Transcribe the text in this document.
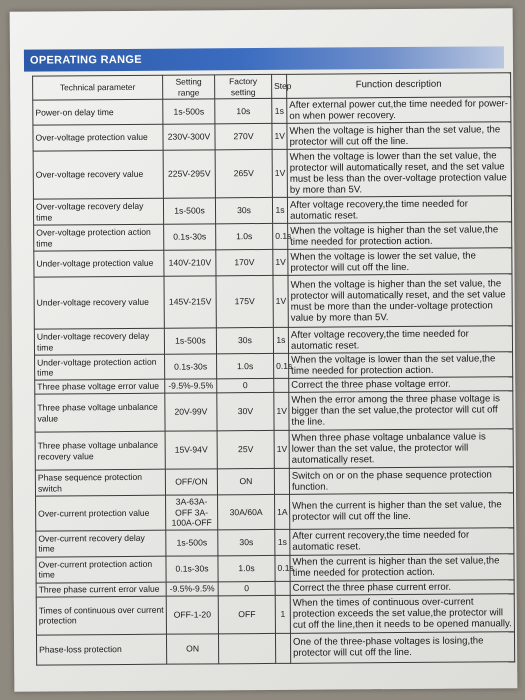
OPERATING RANGE
Technical parameter	Setting range	Factory setting	Step	Function description
Power-on delay time	1s-500s	10s	1s	After external power cut,the time needed for power-on when power recovery.
Over-voltage protection value	230V-300V	270V	1V	When the voltage is higher than the set value, the protector will cut off the line.
Over-voltage recovery value	225V-295V	265V	1V	When the voltage is lower than the set value, the protector will automatically reset, and the set value must be less than the over-voltage protection value by more than 5V.
Over-voltage recovery delay time	1s-500s	30s	1s	After voltage recovery,the time needed for automatic reset.
Over-voltage protection action time	0.1s-30s	1.0s	0.1s	When the voltage is higher than the set value,the time needed for protection action.
Under-voltage protection value	140V-210V	170V	1V	When the voltage is lower the set value, the protector will cut off the line.
Under-voltage recovery value	145V-215V	175V	1V	When the voltage is higher than the set value, the protector will automatically reset, and the set value must be more than the under-voltage protection value by more than 5V.
Under-voltage recovery delay time	1s-500s	30s	1s	After voltage recovery,the time needed for automatic reset.
Under-voltage protection action time	0.1s-30s	1.0s	0.1s	When the voltage is lower than the set value,the time needed for protection action.
Three phase voltage error value	-9.5%-9.5%	0		Correct the three phase voltage error.
Three phase voltage unbalance value	20V-99V	30V	1V	When the error among the three phase voltage is bigger than the set value,the protector will cut off the line.
Three phase voltage unbalance recovery value	15V-94V	25V	1V	When three phase voltage unbalance value is lower than the set value, the protector will automatically reset.
Phase sequence protection switch	OFF/ON	ON		Switch on or on the phase sequence protection function.
Over-current protection value	3A-63A-OFF 3A-100A-OFF	30A/60A	1A	When the current is higher than the set value, the protector will cut off the line.
Over-current recovery delay time	1s-500s	30s	1s	After current recovery,the time needed for automatic reset.
Over-current protection action time	0.1s-30s	1.0s	0.1s	When the current is higher than the set value,the time needed for protection action.
Three phase current error value	-9.5%-9.5%	0		Correct the three phase current error.
Times of continuous over current protection	OFF-1-20	OFF	1	When the times of continuous over-current protection exceeds the set value,the protector will cut off the line,then it needs to be opened manually.
Phase-loss protection	ON			One of the three-phase voltages is losing,the protector will cut off the line.
